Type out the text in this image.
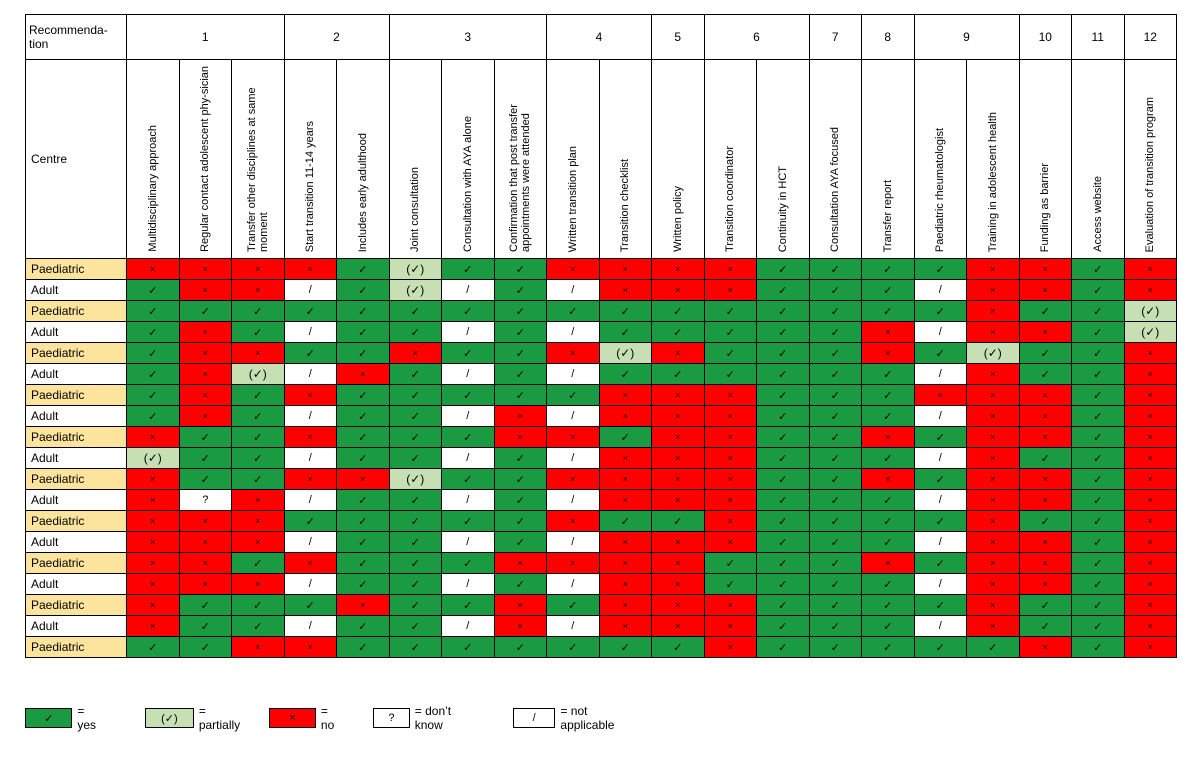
Recommenda-
tion	1			2		3			4		5	6		7	8	9		10	11	12
Centre	Multidisciplinary approach	Regular contact adolescent phy-sician	Transfer other disciplines at same moment	Start transition 11-14 years	Includes early adulthood	Joint consultation	Consultation with AYA alone	Confirmation that post transfer appointments were attended	Written transition plan	Transition checklist	Written policy	Transition coordinator	Continuity in HCT	Consultation AYA focused	Transfer report	Paediatric rheumatologist	Training in adolescent health	Funding as barrier	Access website	Evaluation of transition program

Paediatric	×	×	×	×	✓	(✓)	✓	✓	×	×	×	×	✓	✓	✓	✓	×	×	✓	×
Adult	✓	×	×	/	✓	(✓)	/	✓	/	×	×	×	✓	✓	✓	/	×	×	✓	×
Paediatric	✓	✓	✓	✓	✓	✓	✓	✓	✓	✓	✓	✓	✓	✓	✓	✓	×	✓	✓	(✓)
Adult	✓	×	✓	/	✓	✓	/	✓	/	✓	✓	✓	✓	✓	×	/	×	×	✓	(✓)
Paediatric	✓	×	×	✓	✓	×	✓	✓	×	(✓)	×	✓	✓	✓	×	✓	(✓)	✓	✓	×
Adult	✓	×	(✓)	/	×	✓	/	✓	/	✓	✓	✓	✓	✓	✓	/	×	✓	✓	×
Paediatric	✓	×	✓	×	✓	✓	✓	✓	✓	×	×	×	✓	✓	✓	×	×	×	✓	×
Adult	✓	×	✓	/	✓	✓	/	×	/	×	×	×	✓	✓	✓	/	×	×	✓	×
Paediatric	×	✓	✓	×	✓	✓	✓	×	×	✓	×	×	✓	✓	×	✓	×	×	✓	×
Adult	(✓)	✓	✓	/	✓	✓	/	✓	/	×	×	×	✓	✓	✓	/	×	✓	✓	×
Paediatric	×	✓	✓	×	×	(✓)	✓	✓	×	×	×	×	✓	✓	×	✓	×	×	✓	×
Adult	×	?	×	/	✓	✓	/	✓	/	×	×	×	✓	✓	✓	/	×	×	✓	×
Paediatric	×	×	×	✓	✓	✓	✓	✓	×	✓	✓	×	✓	✓	✓	✓	×	✓	✓	×
Adult	×	×	×	/	✓	✓	/	✓	/	×	×	×	✓	✓	✓	/	×	×	✓	×
Paediatric	×	×	✓	×	✓	✓	✓	×	×	×	×	✓	✓	✓	×	✓	×	×	✓	×
Adult	×	×	×	/	✓	✓	/	✓	/	×	×	✓	✓	✓	✓	/	×	×	✓	×
Paediatric	×	✓	✓	✓	×	✓	✓	×	✓	×	×	×	✓	✓	✓	✓	×	✓	✓	×
Adult	×	✓	✓	/	✓	✓	/	×	/	×	×	×	✓	✓	✓	/	×	✓	✓	×
Paediatric	✓	✓	×	×	✓	✓	✓	✓	✓	✓	✓	×	✓	✓	✓	✓	✓	×	✓	×
✓
= yes	(✓)
= partially	×	= no	?	= don’t know	/	= not applicable
